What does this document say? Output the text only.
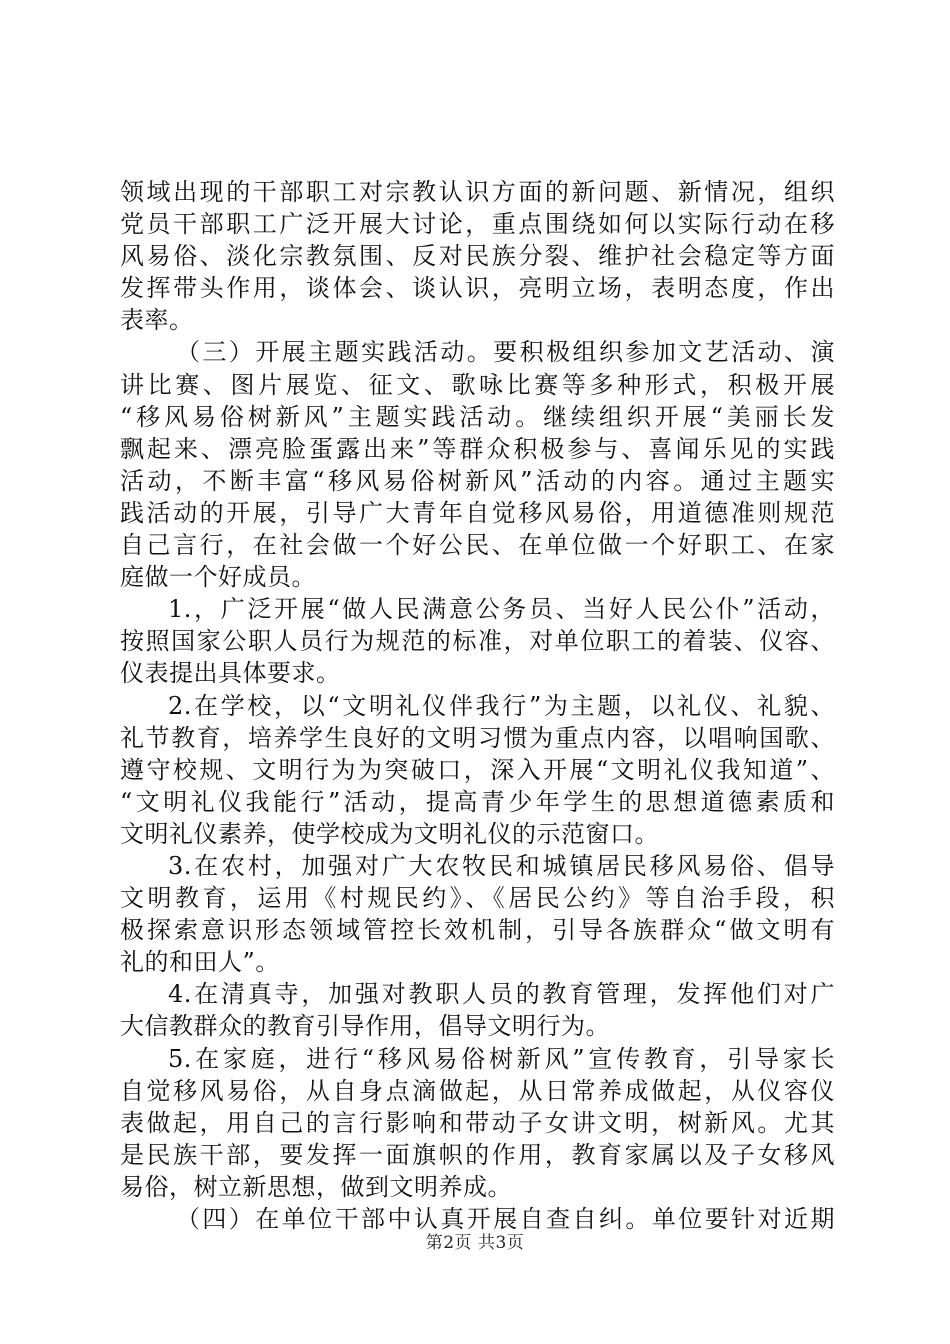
领域出现的干部职工对宗教认识方面的新问题、新情况，组织
党员干部职工广泛开展大讨论，重点围绕如何以实际行动在移
风易俗、淡化宗教氛围、反对民族分裂、维护社会稳定等方面
发挥带头作用，谈体会、谈认识，亮明立场，表明态度，作出
表率。
（三）开展主题实践活动。要积极组织参加文艺活动、演
讲比赛、图片展览、征文、歌咏比赛等多种形式，积极开展
“移风易俗树新风”主题实践活动。继续组织开展“美丽长发
飘起来、漂亮脸蛋露出来”等群众积极参与、喜闻乐见的实践
活动，不断丰富“移风易俗树新风”活动的内容。通过主题实
践活动的开展，引导广大青年自觉移风易俗，用道德准则规范
自己言行，在社会做一个好公民、在单位做一个好职工、在家
庭做一个好成员。
1.，广泛开展“做人民满意公务员、当好人民公仆”活动，
按照国家公职人员行为规范的标准，对单位职工的着装、仪容、
仪表提出具体要求。
2.在学校，以“文明礼仪伴我行”为主题，以礼仪、礼貌、
礼节教育，培养学生良好的文明习惯为重点内容，以唱响国歌、
遵守校规、文明行为为突破口，深入开展“文明礼仪我知道”、
“文明礼仪我能行”活动，提高青少年学生的思想道德素质和
文明礼仪素养，使学校成为文明礼仪的示范窗口。
3.在农村，加强对广大农牧民和城镇居民移风易俗、倡导
文明教育，运用《村规民约》、《居民公约》等自治手段，积
极探索意识形态领域管控长效机制，引导各族群众“做文明有
礼的和田人”。
4.在清真寺，加强对教职人员的教育管理，发挥他们对广
大信教群众的教育引导作用，倡导文明行为。
5.在家庭，进行“移风易俗树新风”宣传教育，引导家长
自觉移风易俗，从自身点滴做起，从日常养成做起，从仪容仪
表做起，用自己的言行影响和带动子女讲文明，树新风。尤其
是民族干部，要发挥一面旗帜的作用，教育家属以及子女移风
易俗，树立新思想，做到文明养成。
（四）在单位干部中认真开展自查自纠。单位要针对近期
第2页 共3页
